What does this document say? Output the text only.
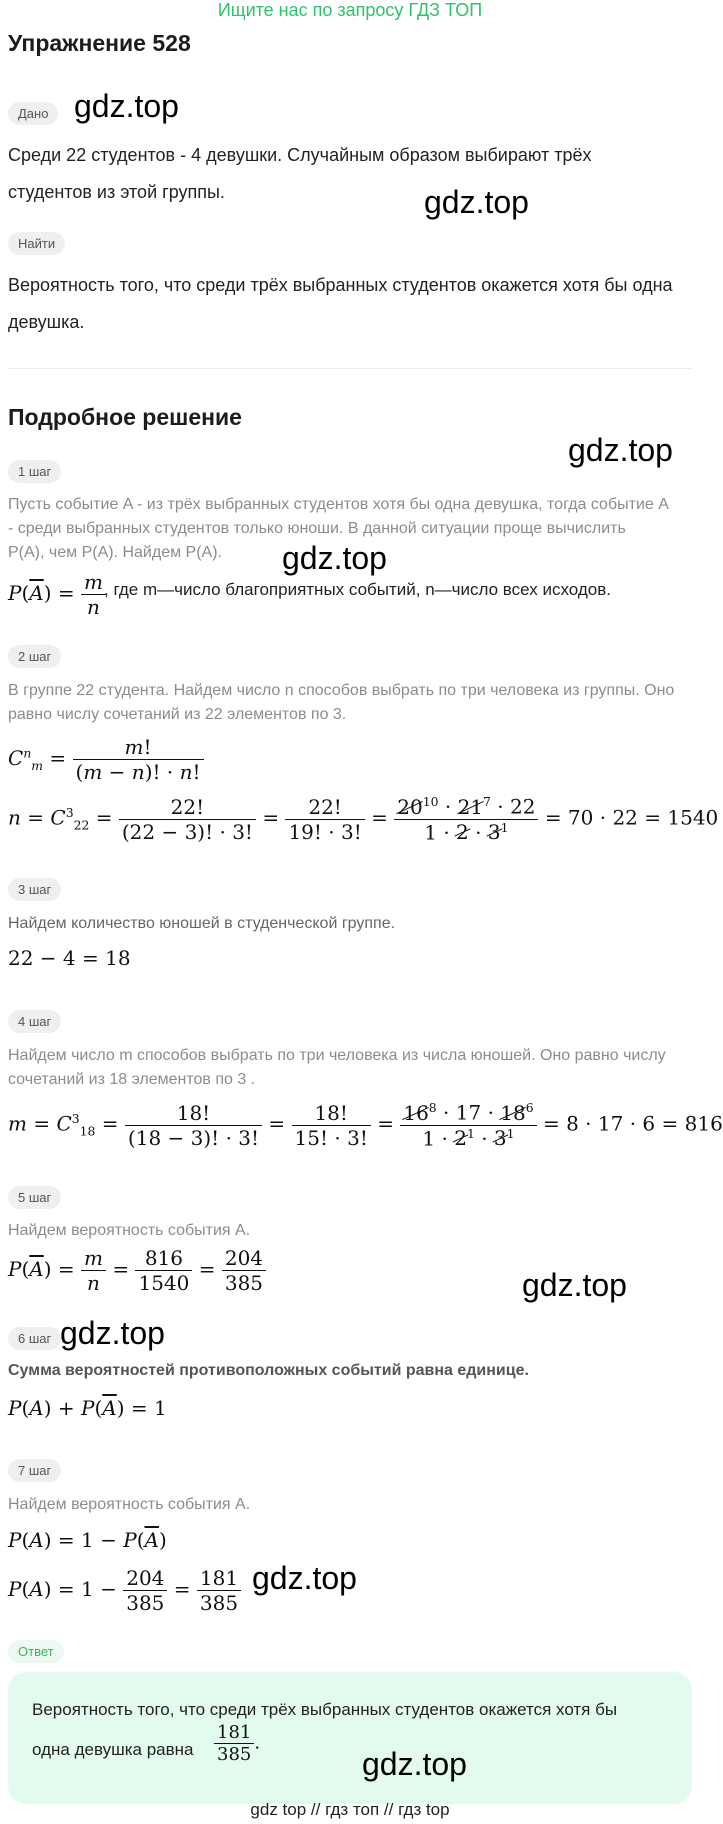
Ищите нас по запросу ГДЗ ТОП
Упражнение 528
Дано gdz.top
Среди 22 студентов - 4 девушки. Случайным образом выбирают трёх
gdz.top
студентов из этой группы.
Найти
Вероятность того, что среди трёх выбранных студентов окажется хотя бы одна
девушка.
Подробное решение
gdz.top
1 шаг
Пусть событие A - из трёх выбранных студентов хотя бы одна девушка, тогда событие A
- среди выбранных студентов только юноши. В данной ситуации проще вычислить
P(A), чем P(A). Найдем P(A). gdz.top
$P(\overline{A}) = \frac{m}{n}$
, где m—число благоприятных событий, n—число всех исходов.
2 шаг
В группе 22 студента. Найдем число n способов выбрать по три человека из группы. Оно
равно числу сочетаний из 22 элементов по 3.
$C^n_m = \frac{m!}{(m - n)! \cdot n!}$
$n = C^3_{22} = \frac{22!}{(22 - 3)! \cdot 3!} = \frac{22!}{19! \cdot 3!} = \frac{20^{10} \cdot 21^7 \cdot 22}{1 \cdot 2 \cdot 3^1} = 70 \cdot 22 = 1540$
3 шаг
Найдем количество юношей в студенческой группе.
22 − 4 = 18
4 шаг
Найдем число m способов выбрать по три человека из числа юношей. Оно равно числу
сочетаний из 18 элементов по 3 .
$m = C^3_{18} = \frac{18!}{(18 - 3)! \cdot 3!} = \frac{18!}{15! \cdot 3!} = \frac{16^8 \cdot 17 \cdot 18^6}{1 \cdot 2^1 \cdot 3^1} = 8 \cdot 17 \cdot 6 = 816$
5 шаг
Найдем вероятность события A.
$P(\overline{A}) = \frac{m}{n} = \frac{816}{1540} = \frac{204}{385}$	gdz.top
6 шаг gdz.top
Сумма вероятностей противоположных событий равна единице.
$P(A) + P(\overline{A}) = 1$
7 шаг
Найдем вероятность события A.
$P(A) = 1 - P(\overline{A})$
$P(A) = 1 - \frac{204}{385} = \frac{181}{385} gdz.top$
Ответ
Вероятность того, что среди трёх выбранных студентов окажется хотя бы
одна девушка равна $\frac{181}{385}$ .
gdz.top
gdz top // гдз топ // гдз top
